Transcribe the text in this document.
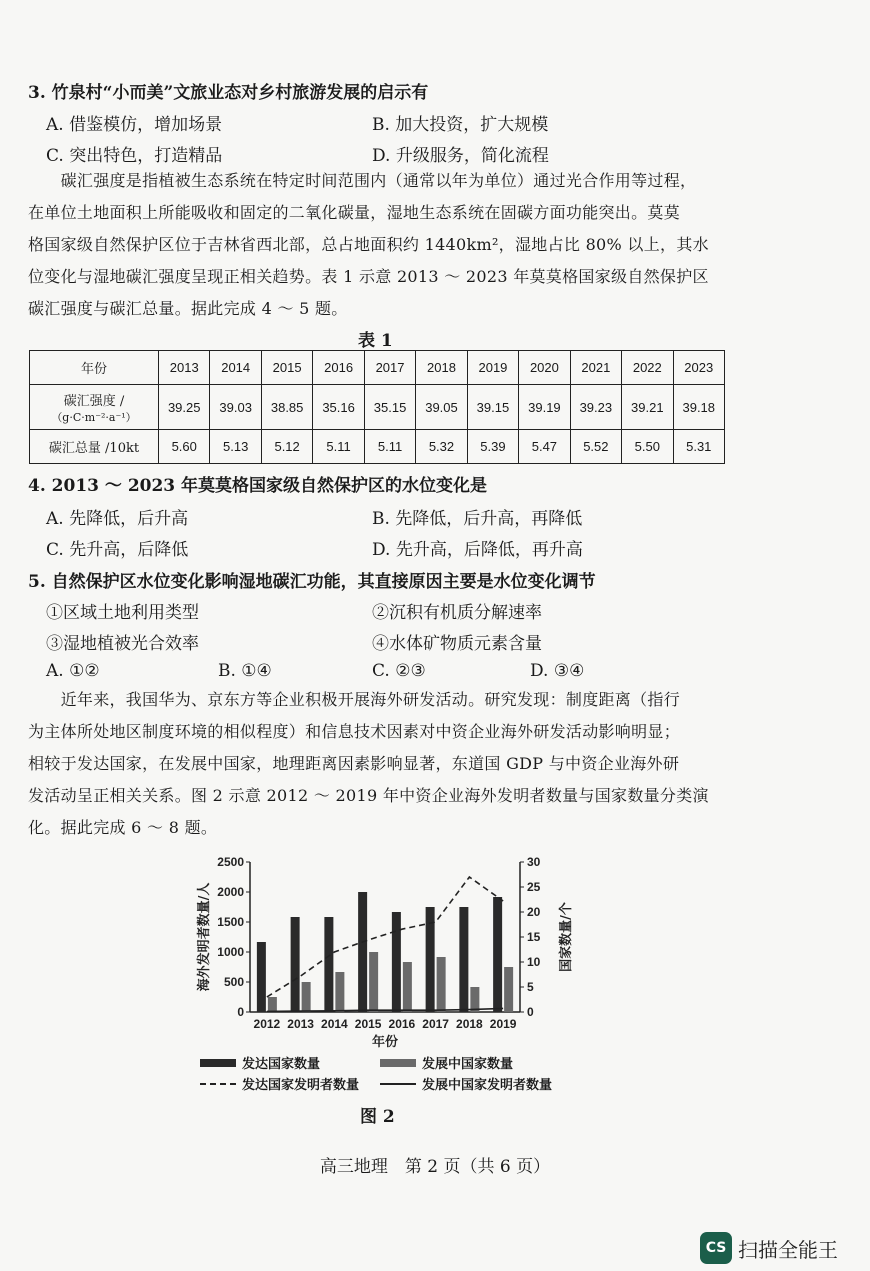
3. 竹泉村“小而美”文旅业态对乡村旅游发展的启示有
A. 借鉴模仿，增加场景	B. 加大投资，扩大规模
C. 突出特色，打造精品	D. 升级服务，简化流程

　　碳汇强度是指植被生态系统在特定时间范围内（通常以年为单位）通过光合作用等过程，

在单位土地面积上所能吸收和固定的二氧化碳量，湿地生态系统在固碳方面功能突出。莫莫

格国家级自然保护区位于吉林省西北部，总占地面积约 1440km²，湿地占比 80% 以上，其水

位变化与湿地碳汇强度呈现正相关趋势。表 1 示意 2013 ～ 2023 年莫莫格国家级自然保护区

碳汇强度与碳汇总量。据此完成 4 ～ 5 题。

表 1
年份	2013	2014	2015	2016	2017	2018	2019	2020	2021	2022	2023

碳汇强度 /
（g·C·m⁻²·a⁻¹）	39.25	39.03	38.85	35.16	35.15	39.05	39.15	39.19	39.23	39.21	39.18
碳汇总量 /10kt	5.60	5.13	5.12	5.11	5.11	5.32	5.39	5.47	5.52	5.50	5.31
4. 2013 ～ 2023 年莫莫格国家级自然保护区的水位变化是
A. 先降低，后升高	B. 先降低，后升高，再降低
C. 先升高，后降低	D. 先升高，后降低，再升高
5. 自然保护区水位变化影响湿地碳汇功能，其直接原因主要是水位变化调节
①区域土地利用类型	②沉积有机质分解速率
③湿地植被光合效率	④水体矿物质元素含量
A. ①②	B. ①④	C. ②③	D. ③④

　　近年来，我国华为、京东方等企业积极开展海外研发活动。研究发现：制度距离（指行

为主体所处地区制度环境的相似程度）和信息技术因素对中资企业海外研发活动影响明显；

相较于发达国家，在发展中国家，地理距离因素影响显著，东道国 GDP 与中资企业海外研

发活动呈正相关关系。图 2 示意 2012 ～ 2019 年中资企业海外发明者数量与国家数量分类演

化。据此完成 6 ～ 8 题。

0
500
1000
1500
2000
2500
0
5
10
15
20
25
30
2012 2013 2014 2015 2016 2017 2018 2019
海外发明者数量/人	国家数量/个
年份
发达国家数量	发展中国家数量
发达国家发明者数量	发展中国家发明者数量
图 2
高三地理　第 2 页（共 6 页）
CS 扫描全能王
